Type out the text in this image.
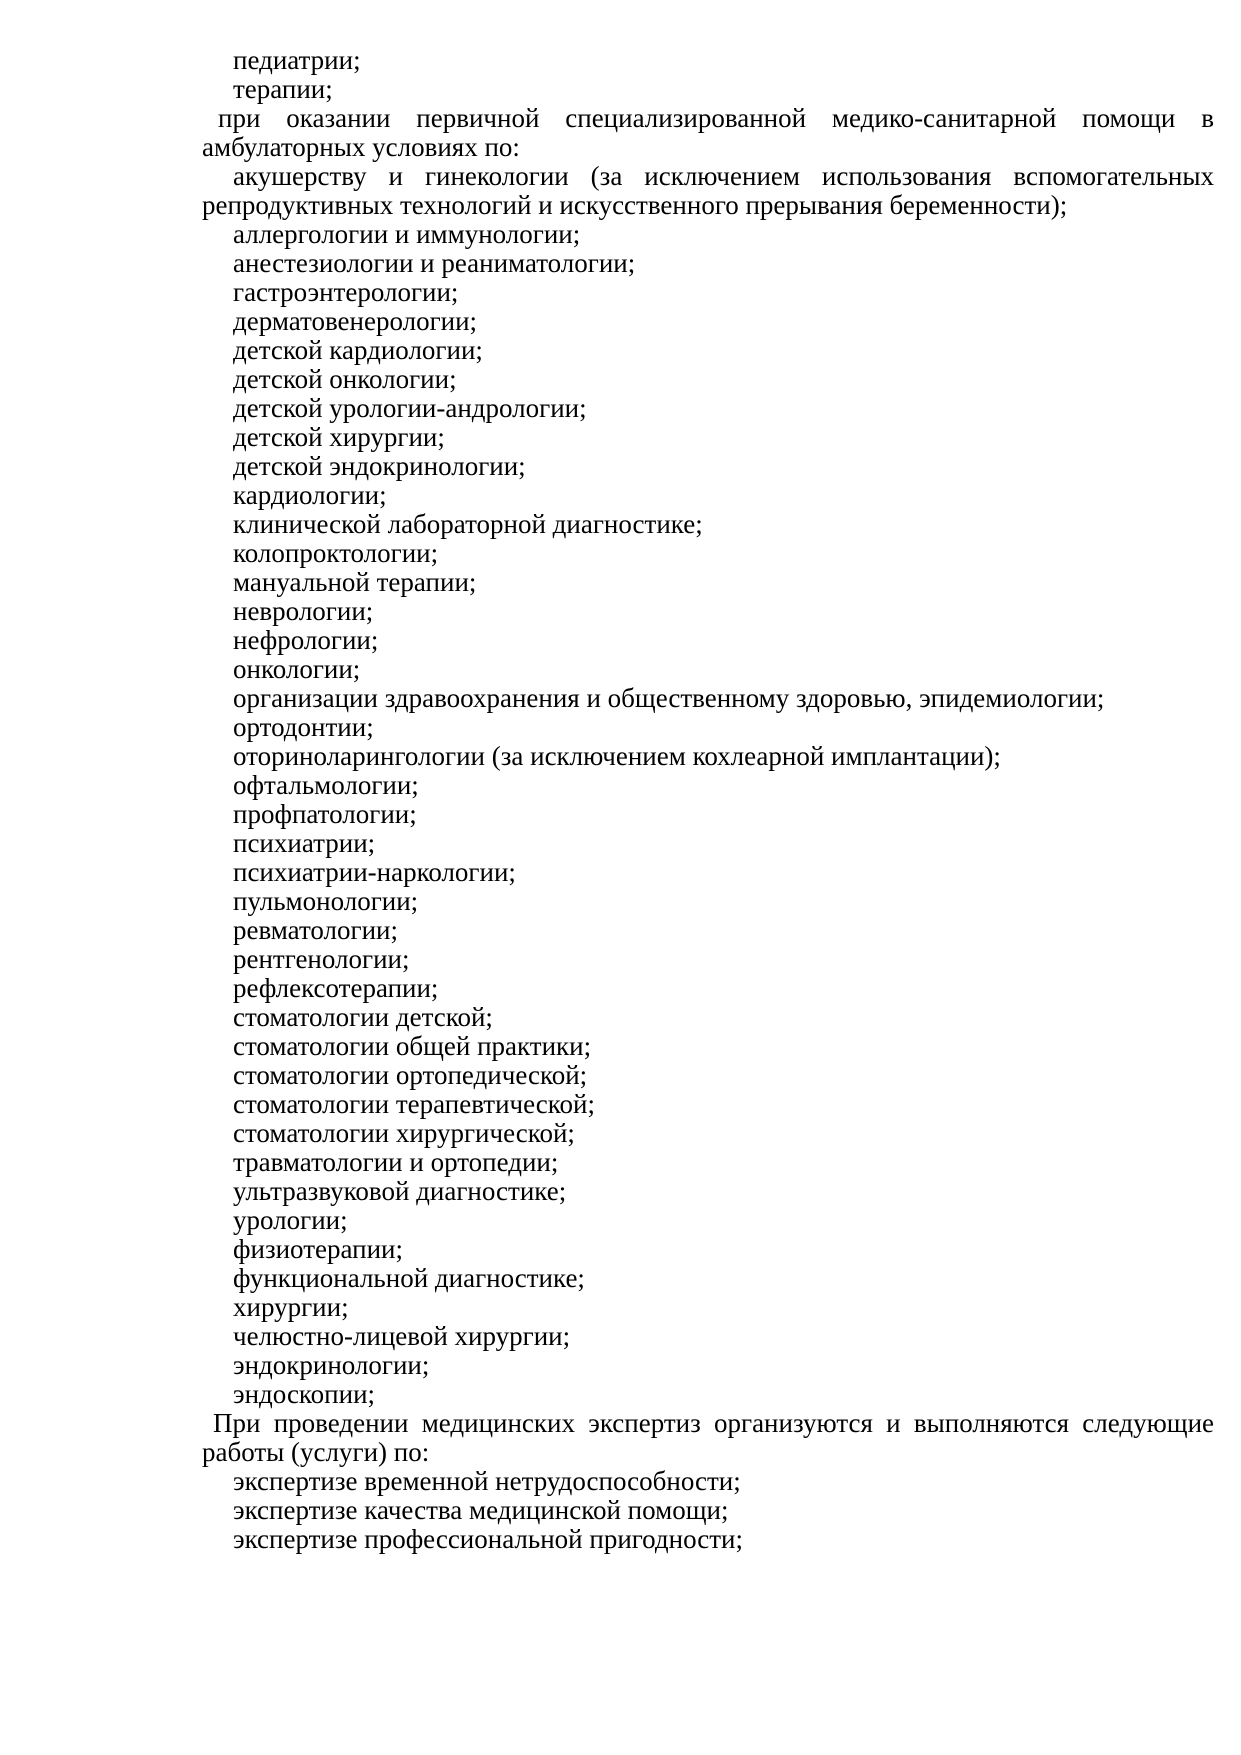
педиатрии;
терапии;
при оказании первичной специализированной медико-санитарной помощи в
амбулаторных условиях по:
акушерству и гинекологии (за исключением использования вспомогательных
репродуктивных технологий и искусственного прерывания беременности);
аллергологии и иммунологии;
анестезиологии и реаниматологии;
гастроэнтерологии;
дерматовенерологии;
детской кардиологии;
детской онкологии;
детской урологии-андрологии;
детской хирургии;
детской эндокринологии;
кардиологии;
клинической лабораторной диагностике;
колопроктологии;
мануальной терапии;
неврологии;
нефрологии;
онкологии;
организации здравоохранения и общественному здоровью, эпидемиологии;
ортодонтии;
оториноларингологии (за исключением кохлеарной имплантации);
офтальмологии;
профпатологии;
психиатрии;
психиатрии-наркологии;
пульмонологии;
ревматологии;
рентгенологии;
рефлексотерапии;
стоматологии детской;
стоматологии общей практики;
стоматологии ортопедической;
стоматологии терапевтической;
стоматологии хирургической;
травматологии и ортопедии;
ультразвуковой диагностике;
урологии;
физиотерапии;
функциональной диагностике;
хирургии;
челюстно-лицевой хирургии;
эндокринологии;
эндоскопии;
При проведении медицинских экспертиз организуются и выполняются следующие
работы (услуги) по:
экспертизе временной нетрудоспособности;
экспертизе качества медицинской помощи;
экспертизе профессиональной пригодности;
